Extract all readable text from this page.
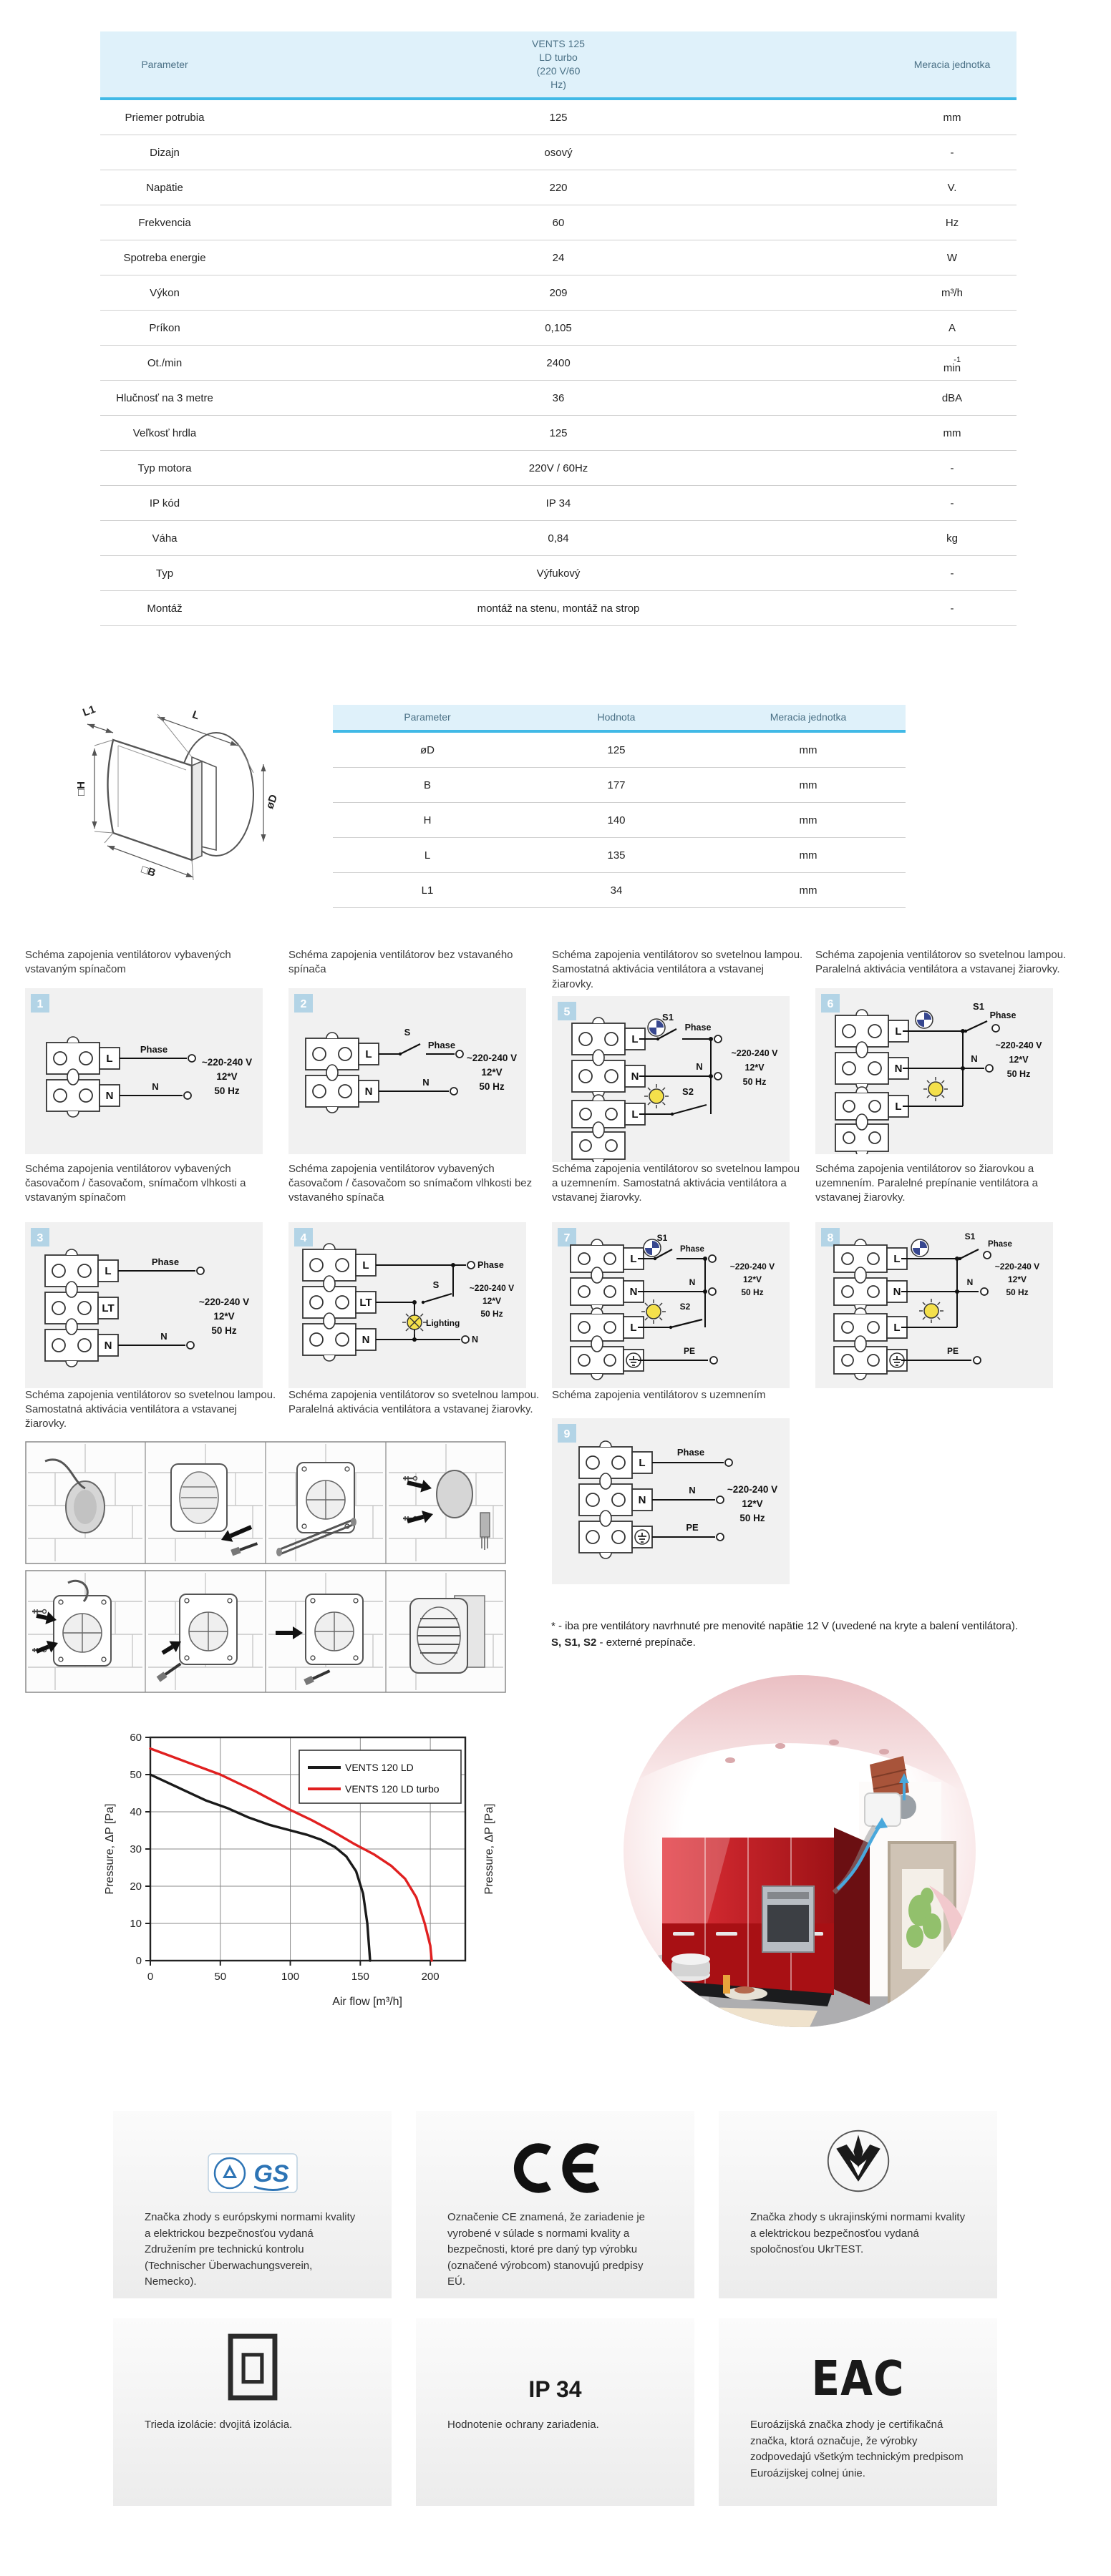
Parameter	VENTS 125
LD turbo
(220 V/60
Hz)	Meracia jednotka
Priemer potrubia	125	mm
Dizajn	osový	-
Napätie	220	V.
Frekvencia	60	Hz
Spotreba energie	24	W
Výkon	209	m³/h
Príkon	0,105	A
Ot./min	2400	-1
min

Hlučnosť na 3 metre	36	dBA
Veľkosť hrdla	125	mm
Typ motora	220V / 60Hz	-
IP kód	IP 34	-
Váha	0,84	kg
Typ	Výfukový	-
Montáž	montáž na stenu, montáž na strop	-
L1	L
□H
øD
□B
Parameter	Hodnota	Meracia jednotka
øD	125	mm
B	177	mm
H	140	mm
L	135	mm
L1	34	mm
Schéma zapojenia ventilátorov vybavených vstavaným spínačom
1
L
N
Phase
N
~220-240 V
12*V
50 Hz
Schéma zapojenia ventilátorov bez vstavaného spínača
2
L
N
S
Phase
N
~220-240 V
12*V
50 Hz
Schéma zapojenia ventilátorov so svetelnou lampou. Samostatná aktivácia ventilátora a vstavanej žiarovky.
5
L
N
L
S1
Phase
N
S2
~220-240 V
12*V
50 Hz
Schéma zapojenia ventilátorov so svetelnou lampou. Paralelná aktivácia ventilátora a vstavanej žiarovky.
6
L
N
L
S1
Phase
N
~220-240 V
12*V
50 Hz
Schéma zapojenia ventilátorov vybavených časovačom / časovačom, snímačom vlhkosti a vstavaným spínačom
3
L
LT
N
Phase
N
~220-240 V
12*V
50 Hz
Schéma zapojenia ventilátorov vybavených časovačom / časovačom so snímačom vlhkosti bez vstavaného spínača
4
L
LT
N
Phase
S
Lighting
N
~220-240 V
12*V
50 Hz
Schéma zapojenia ventilátorov so svetelnou lampou a uzemnením. Samostatná aktivácia ventilátora a vstavanej žiarovky.
7
L
N
L
S1
Phase
N
S2
PE
~220-240 V
12*V
50 Hz
Schéma zapojenia ventilátorov so žiarovkou a uzemnením. Paralelné prepínanie ventilátora a vstavanej žiarovky.
8
L
N
L
S1
Phase
N
PE
~220-240 V
12*V
50 Hz
Schéma zapojenia ventilátorov so svetelnou lampou. Samostatná aktivácia ventilátora a vstavanej žiarovky.
Schéma zapojenia ventilátorov so svetelnou lampou. Paralelná aktivácia ventilátora a vstavanej žiarovky.
Schéma zapojenia ventilátorov s uzemnením
9
L
N
Phase
N
PE
~220-240 V
12*V
50 Hz
* - iba pre ventilátory navrhnuté pre menovité napätie 12 V (uvedené na kryte a balení ventilátora).
S, S1, S2 - externé prepínače.
0
10
20
30
40
50
60
0	50	100	150	200
VENTS 120 LD
VENTS 120 LD turbo
Pressure, ΔP [Pa]	Pressure, ΔP [Pa]
Air flow [m³/h]
GS
Značka zhody s európskymi normami kvality a elektrickou bezpečnosťou vydaná Združením pre technickú kontrolu (Technischer Überwachungsverein, Nemecko).
Označenie CE znamená, že zariadenie je vyrobené v súlade s normami kvality a bezpečnosti, ktoré pre daný typ výrobku (označené výrobcom) stanovujú predpisy EÚ.
Značka zhody s ukrajinskými normami kvality a elektrickou bezpečnosťou vydaná spoločnosťou UkrTEST.
Trieda izolácie: dvojitá izolácia.
IP 34
Hodnotenie ochrany zariadenia.
EAC
Euroázijská značka zhody je certifikačná značka, ktorá označuje, že výrobky zodpovedajú všetkým technickým predpisom Euroázijskej colnej únie.
